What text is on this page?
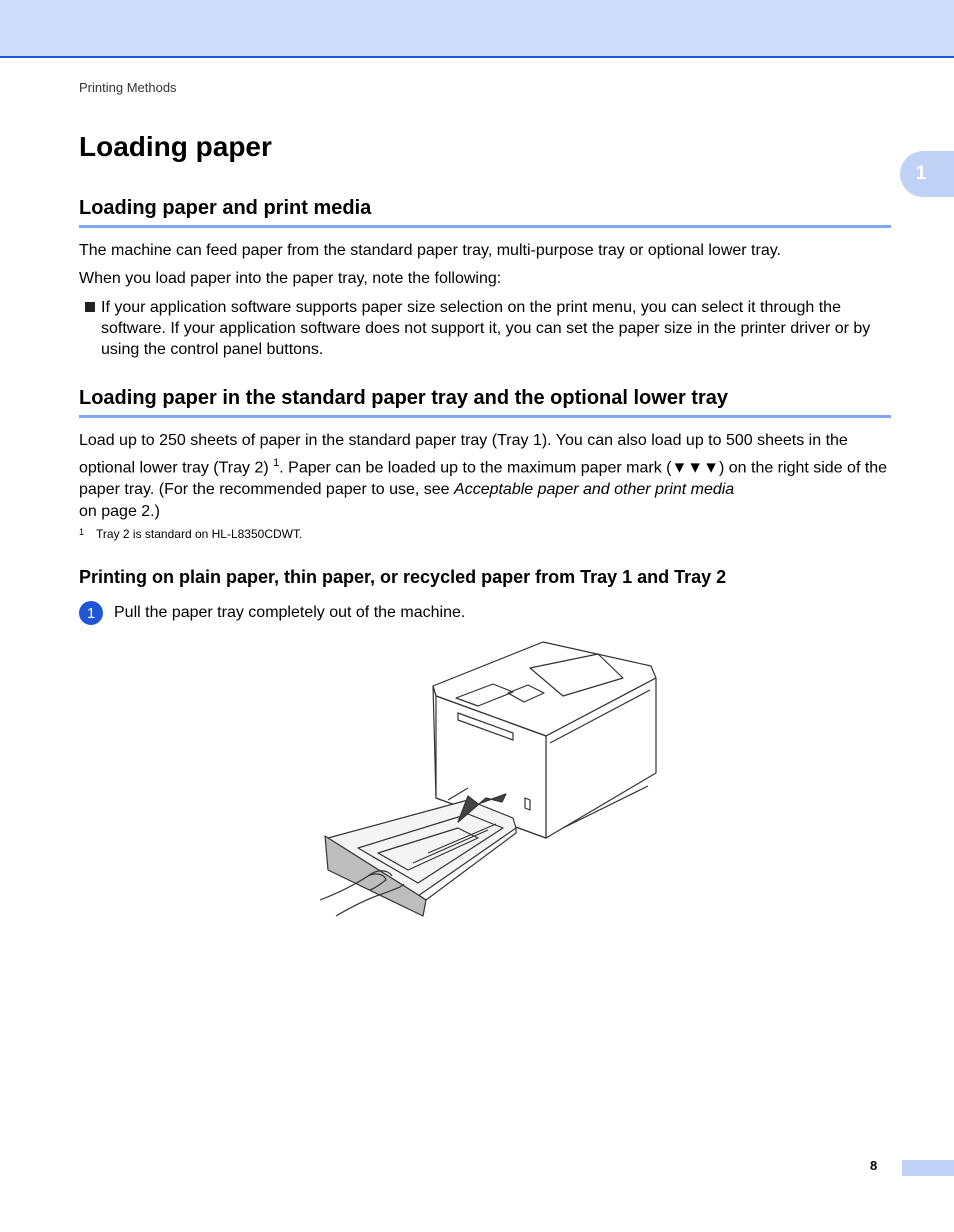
Printing Methods
1
Loading paper
Loading paper and print media

The machine can feed paper from the standard paper tray, multi-purpose tray or optional lower tray.

When you load paper into the paper tray, note the following:

If your application software supports paper size selection on the print menu, you can select it through the software. If your application software does not support it, you can set the paper size in the printer driver or by using the control panel buttons.
Loading paper in the standard paper tray and the optional lower tray

Load up to 250 sheets of paper in the standard paper tray (Tray 1). You can also load up to 500 sheets in the optional lower tray (Tray 2) $^1$. Paper can be loaded up to the maximum paper mark (▼▼▼) on the right side of the paper tray. (For the recommended paper to use, see Acceptable paper and other print media
on page 2.)

$^1$ Tray 2 is standard on HL-L8350CDWT.
Printing on plain paper, thin paper, or recycled paper from Tray 1 and Tray 2
1	Pull the paper tray completely out of the machine.
8
